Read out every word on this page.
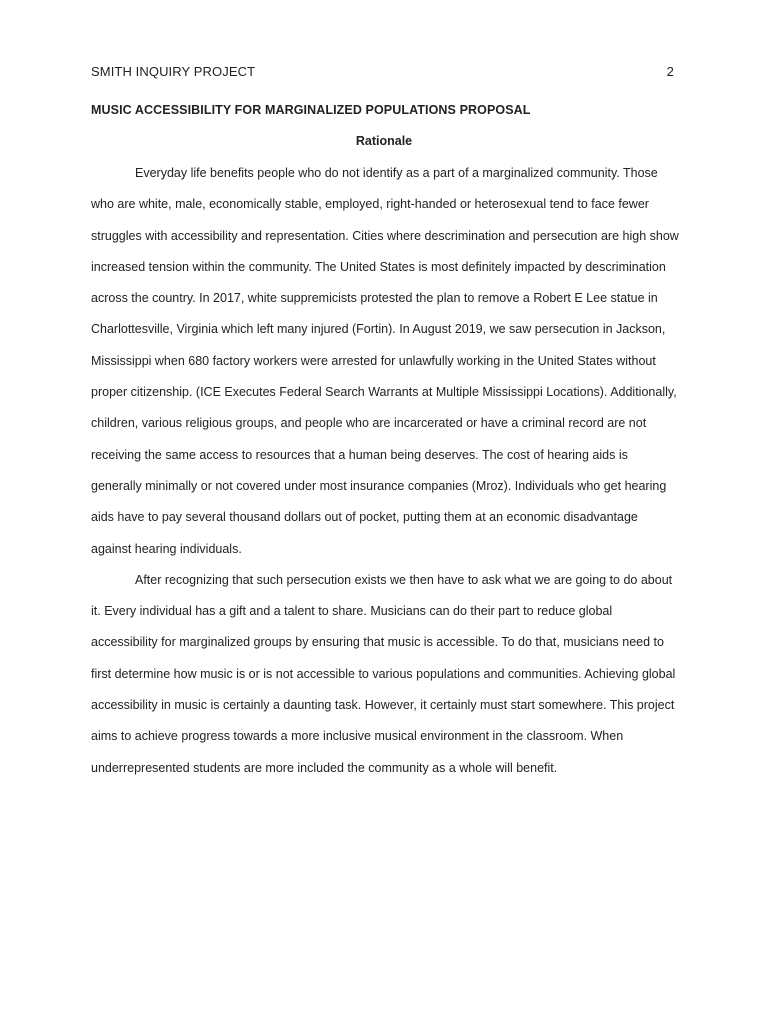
SMITH INQUIRY PROJECT	2
MUSIC ACCESSIBILITY FOR MARGINALIZED POPULATIONS PROPOSAL
Rationale

Everyday life benefits people who do not identify as a part of a marginalized community. Those who are white, male, economically stable, employed, right-handed or heterosexual tend to face fewer struggles with accessibility and representation. Cities where descrimination and persecution are high show increased tension within the community. The United States is most definitely impacted by descrimination across the country. In 2017, white suppremicists protested the plan to remove a Robert E Lee statue in Charlottesville, Virginia which left many injured (Fortin). In August 2019, we saw persecution in Jackson, Mississippi when 680 factory workers were arrested for unlawfully working in the United States without proper citizenship. (ICE Executes Federal Search Warrants at Multiple Mississippi Locations). Additionally, children, various religious groups, and people who are incarcerated or have a criminal record are not receiving the same access to resources that a human being deserves. The cost of hearing aids is generally minimally or not covered under most insurance companies (Mroz). Individuals who get hearing aids have to pay several thousand dollars out of pocket, putting them at an economic disadvantage against hearing individuals.

After recognizing that such persecution exists we then have to ask what we are going to do about it. Every individual has a gift and a talent to share. Musicians can do their part to reduce global accessibility for marginalized groups by ensuring that music is accessible. To do that, musicians need to first determine how music is or is not accessible to various populations and communities. Achieving global accessibility in music is certainly a daunting task. However, it certainly must start somewhere. This project aims to achieve progress towards a more inclusive musical environment in the classroom. When underrepresented students are more included the community as a whole will benefit.
